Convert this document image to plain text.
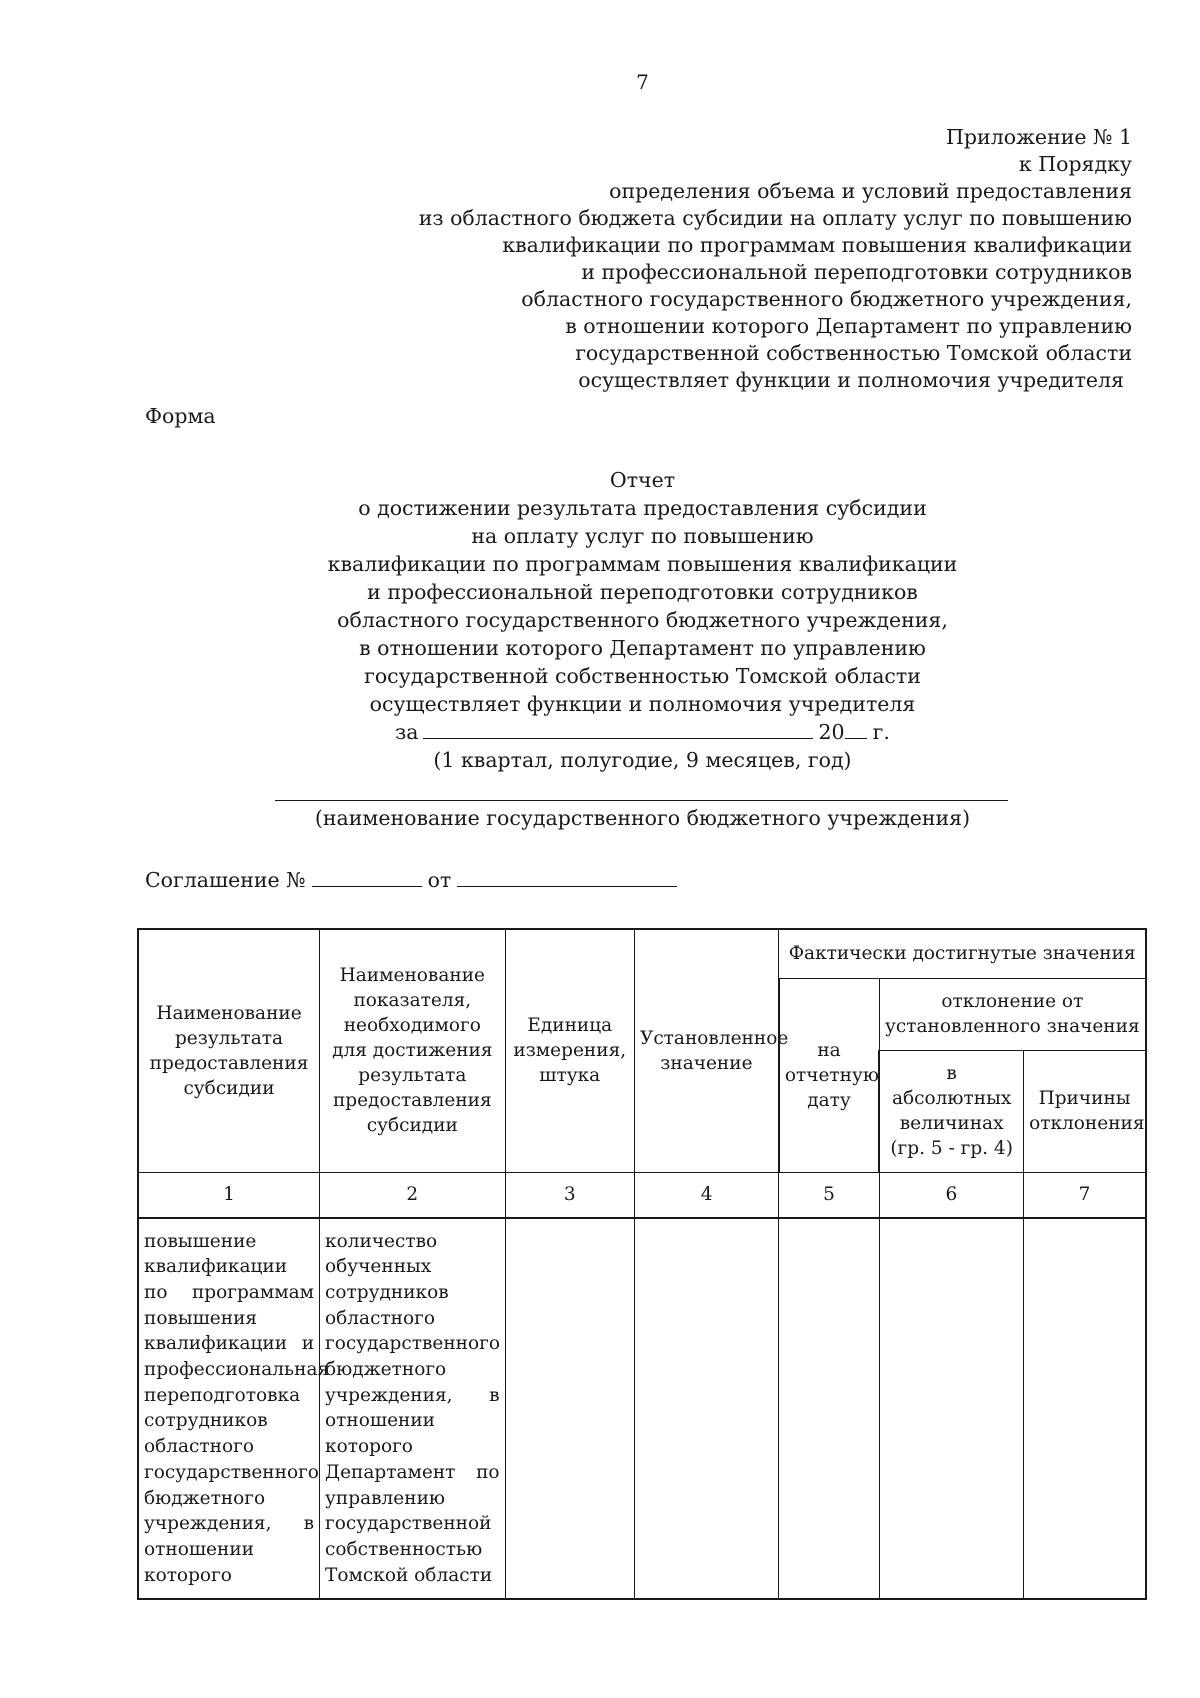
7
Приложение № 1
к Порядку
определения объема и условий предоставления
из областного бюджета субсидии на оплату услуг по повышению
квалификации по программам повышения квалификации
и профессиональной переподготовки сотрудников
областного государственного бюджетного учреждения,
в отношении которого Департамент по управлению
государственной собственностью Томской области
осуществляет функции и полномочия учредителя
Форма
Отчет
о достижении результата предоставления субсидии
на оплату услуг по повышению
квалификации по программам повышения квалификации
и профессиональной переподготовки сотрудников
областного государственного бюджетного учреждения,
в отношении которого Департамент по управлению
государственной собственностью Томской области
осуществляет функции и полномочия учредителя
за	20 г.
(1 квартал, полугодие, 9 месяцев, год)
(наименование государственного бюджетного учреждения)
Соглашение №	от
Наименование результата предоставления субсидии	Наименование показателя, необходимого для достижения результата предоставления субсидии	Единица измерения, штука	Установленное значение	Фактически достигнутые значения		
				на отчетную дату	отклонение от установленного значения	
					в абсолютных величинах (гр. 5 - гр. 4)	Причины отклонения
1	2	3	4	5	6	7
повышение квалификации по программам повышения квалификации и профессиональная переподготовка сотрудников областного государственного бюджетного учреждения, в отношении которого	количество обученных сотрудников областного государственного бюджетного учреждения, в отношении которого Департамент по управлению государственной собственностью Томской области					
